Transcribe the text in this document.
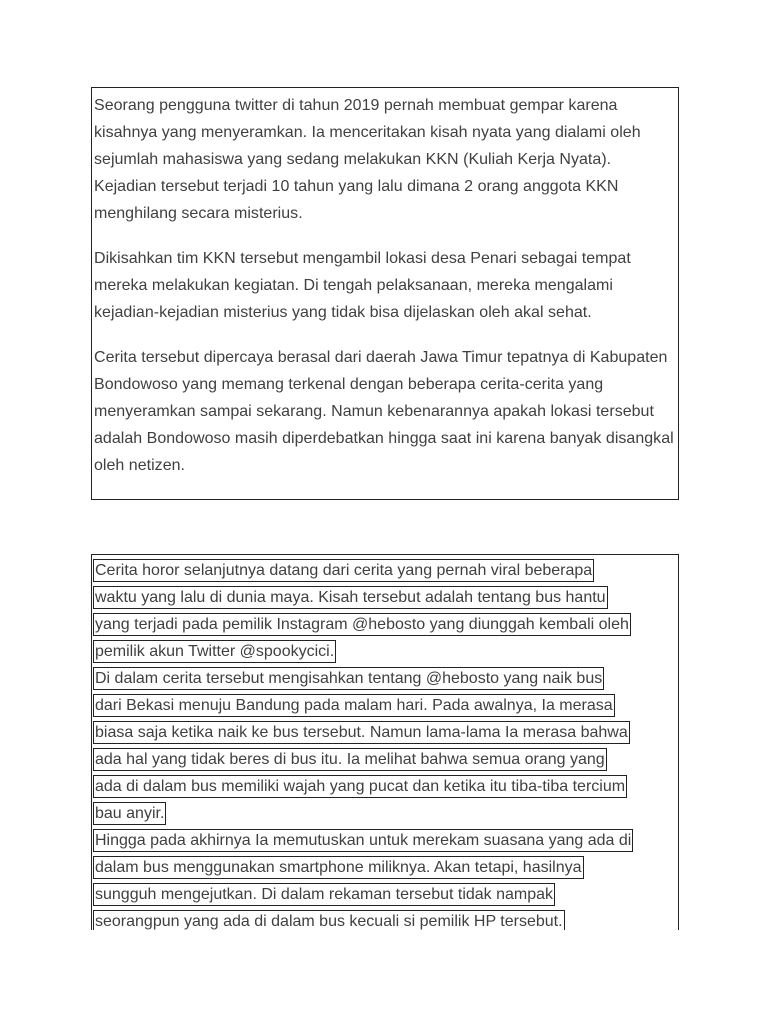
Seorang pengguna twitter di tahun 2019 pernah membuat gempar karena kisahnya yang menyeramkan. Ia menceritakan kisah nyata yang dialami oleh sejumlah mahasiswa yang sedang melakukan KKN (Kuliah Kerja Nyata). Kejadian tersebut terjadi 10 tahun yang lalu dimana 2 orang anggota KKN menghilang secara misterius.

Dikisahkan tim KKN tersebut mengambil lokasi desa Penari sebagai tempat mereka melakukan kegiatan. Di tengah pelaksanaan, mereka mengalami kejadian-kejadian misterius yang tidak bisa dijelaskan oleh akal sehat.

Cerita tersebut dipercaya berasal dari daerah Jawa Timur tepatnya di Kabupaten Bondowoso yang memang terkenal dengan beberapa cerita-cerita yang menyeramkan sampai sekarang. Namun kebenarannya apakah lokasi tersebut adalah Bondowoso masih diperdebatkan hingga saat ini karena banyak disangkal oleh netizen.

Cerita horor selanjutnya datang dari cerita yang pernah viral beberapa
waktu yang lalu di dunia maya. Kisah tersebut adalah tentang bus hantu
yang terjadi pada pemilik Instagram @hebosto yang diunggah kembali oleh
pemilik akun Twitter @spookycici.
Di dalam cerita tersebut mengisahkan tentang @hebosto yang naik bus
dari Bekasi menuju Bandung pada malam hari. Pada awalnya, Ia merasa
biasa saja ketika naik ke bus tersebut. Namun lama-lama Ia merasa bahwa
ada hal yang tidak beres di bus itu. Ia melihat bahwa semua orang yang
ada di dalam bus memiliki wajah yang pucat dan ketika itu tiba-tiba tercium
bau anyir.
Hingga pada akhirnya Ia memutuskan untuk merekam suasana yang ada di
dalam bus menggunakan smartphone miliknya. Akan tetapi, hasilnya
sungguh mengejutkan. Di dalam rekaman tersebut tidak nampak
seorangpun yang ada di dalam bus kecuali si pemilik HP tersebut.
